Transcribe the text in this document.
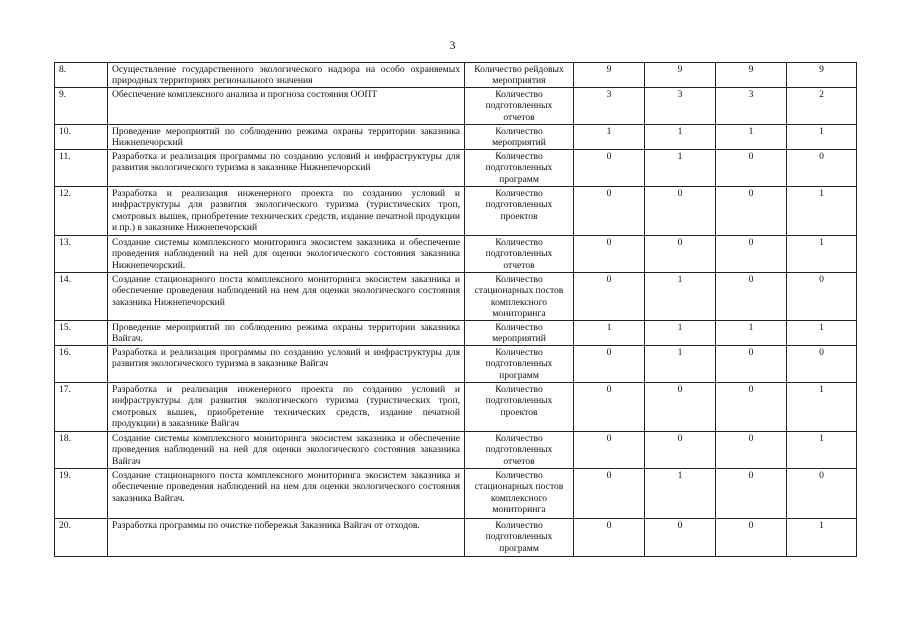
3
8.	Осуществление государственного экологического надзора на особо охраняемых природных территориях регионального значения	Количество рейдовых мероприятия	9	9	9	9
9.	Обеспечение комплексного анализа и прогноза состояния ООПТ	Количество подготовленных отчетов	3	3	3	2
10.	Проведение мероприятий по соблюдению режима охраны территории заказника Нижнепечорский	Количество мероприятий	1	1	1	1
11.	Разработка и реализация программы по созданию условий и инфраструктуры для развития экологического туризма в заказнике Нижнепечорский	Количество подготовленных программ	0	1	0	0
12.	Разработка и реализация инженерного проекта по созданию условий и инфраструктуры для развития экологического туризма (туристических троп, смотровых вышек, приобретение технических средств, издание печатной продукции и пр.) в заказнике Нижнепечорский	Количество подготовленных проектов	0	0	0	1
13.	Создание системы комплексного мониторинга экосистем заказника и обеспечение проведения наблюдений на ней для оценки экологического состояния заказника Нижнепечорский.	Количество подготовленных отчетов	0	0	0	1
14.	Создание стационарного поста комплексного мониторинга экосистем заказника и обеспечение проведения наблюдений на нем для оценки экологического состояния заказника Нижнепечорский	Количество стационарных постов комплексного мониторинга	0	1	0	0
15.	Проведение мероприятий по соблюдению режима охраны территории заказника Вайгач.	Количество мероприятий	1	1	1	1
16.	Разработка и реализация программы по созданию условий и инфраструктуры для развития экологического туризма в заказнике Вайгач	Количество подготовленных программ	0	1	0	0
17.	Разработка и реализация инженерного проекта по созданию условий и инфраструктуры для развития экологического туризма (туристических троп, смотровых вышек, приобретение технических средств, издание печатной продукции) в заказнике Вайгач	Количество подготовленных проектов	0	0	0	1
18.	Создание системы комплексного мониторинга экосистем заказника и обеспечение проведения наблюдений на ней для оценки экологического состояния заказника Вайгач	Количество подготовленных отчетов	0	0	0	1
19.	Создание стационарного поста комплексного мониторинга экосистем заказника и обеспечение проведения наблюдений на нем для оценки экологического состояния заказника Вайгач.	Количество стационарных постов комплексного мониторинга	0	1	0	0
20.	Разработка программы по очистке побережья Заказника Вайгач от отходов.	Количество подготовленных программ	0	0	0	1
